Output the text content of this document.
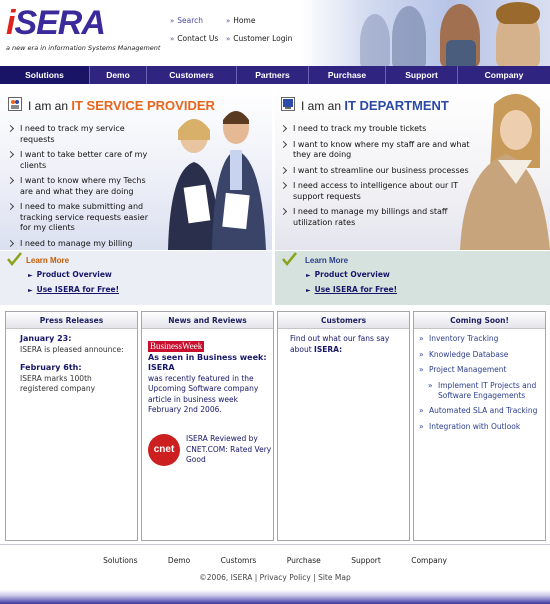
iSERA
a new era in information Systems Management
» Search	» Home
» Contact Us » Customer Login
Solutions	Demo	Customers	Partners	Purchase	Support	Company
I am an IT SERVICE PROVIDER
I need to track my service requests
I want to take better care of my clients
I want to know where my Techs are and what they are doing
I need to make submitting and tracking service requests easier for my clients
I need to manage my billing
I am an IT DEPARTMENT
I need to track my trouble tickets
I want to know where my staff are and what they are doing
I want to streamline our business processes
I need access to intelligence about our IT support requests
I need to manage my billings and staff utilization rates
Learn More
► Product Overview
► Use ISERA for Free!
Learn More
► Product Overview
► Use ISERA for Free!
Press Releases
January 23:
ISERA is pleased announce:
February 6th:
ISERA marks 100th registered company
News and Reviews
BusinessWeek
As seen in Business week: ISERA
was recently featured in the Upcoming Software company article in business week February 2nd 2006.
cnet
ISERA Reviewed by CNET.COM: Rated Very Good
Customers
Find out what our fans say about ISERA:
Coming Soon!
» Inventory Tracking
» Knowledge Database
» Project Management
» Implement IT Projects and Software Engagements
» Automated SLA and Tracking
» Integration with Outlook
Solutions	Demo	Customrs	Purchase	Support	Company
©2006, ISERA | Privacy Policy | Site Map
